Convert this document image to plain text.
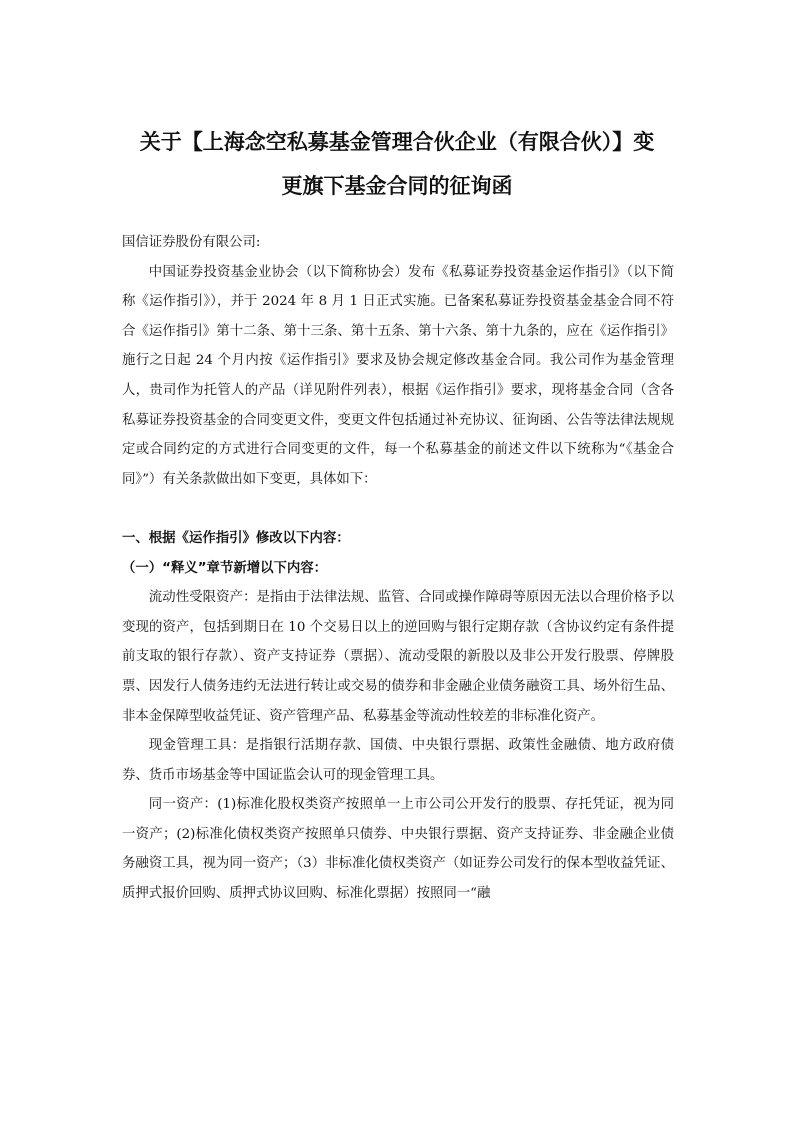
关于【上海念空私募基金管理合伙企业（有限合伙）】变
更旗下基金合同的征询函

国信证券股份有限公司:

中国证券投资基金业协会（以下简称协会）发布《私募证券投资基金运作指引》（以下简称《运作指引》），并于 2024 年 8 月 1 日正式实施。已备案私募证券投资基金基金合同不符合《运作指引》第十二条、第十三条、第十五条、第十六条、第十九条的，应在《运作指引》施行之日起 24 个月内按《运作指引》要求及协会规定修改基金合同。我公司作为基金管理人，贵司作为托管人的产品（详见附件列表），根据《运作指引》要求，现将基金合同（含各私募证券投资基金的合同变更文件，变更文件包括通过补充协议、征询函、公告等法律法规规定或合同约定的方式进行合同变更的文件，每一个私募基金的前述文件以下统称为“《基金合同》”）有关条款做出如下变更，具体如下：

一、根据《运作指引》修改以下内容：

（一）“释义”章节新增以下内容：

流动性受限资产：是指由于法律法规、监管、合同或操作障碍等原因无法以合理价格予以变现的资产，包括到期日在 10 个交易日以上的逆回购与银行定期存款（含协议约定有条件提前支取的银行存款）、资产支持证券（票据）、流动受限的新股以及非公开发行股票、停牌股票、因发行人债务违约无法进行转让或交易的债券和非金融企业债务融资工具、场外衍生品、非本金保障型收益凭证、资产管理产品、私募基金等流动性较差的非标准化资产。

现金管理工具：是指银行活期存款、国债、中央银行票据、政策性金融债、地方政府债券、货币市场基金等中国证监会认可的现金管理工具。

同一资产：(1)标准化股权类资产按照单一上市公司公开发行的股票、存托凭证，视为同一资产；(2)标准化债权类资产按照单只债券、中央银行票据、资产支持证券、非金融企业债务融资工具，视为同一资产；（3）非标准化债权类资产（如证券公司发行的保本型收益凭证、质押式报价回购、质押式协议回购、标准化票据）按照同一“融
